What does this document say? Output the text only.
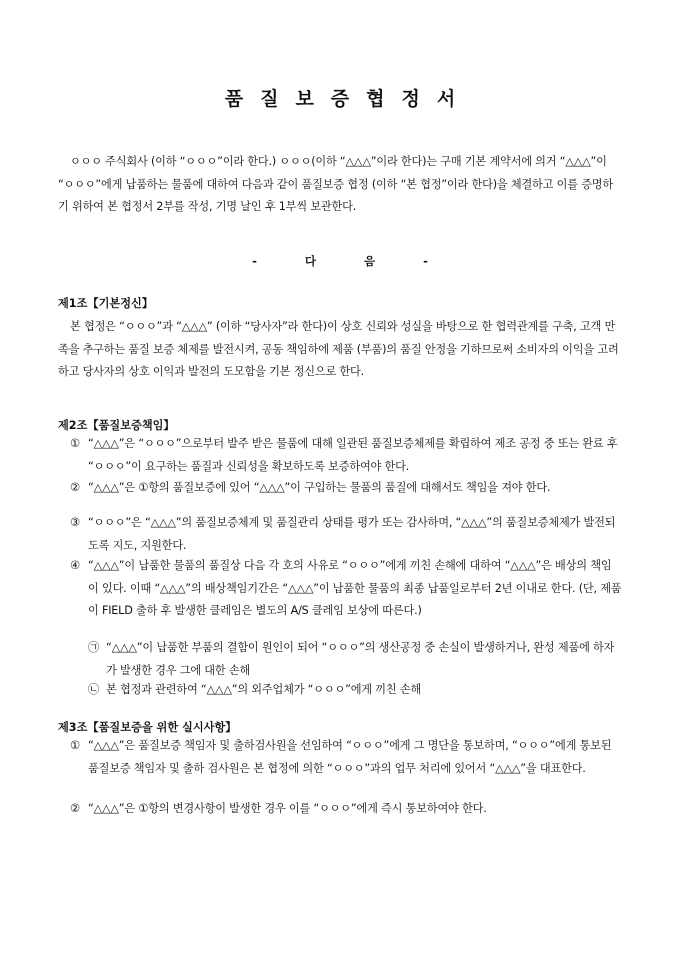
품질보증협정서
ㅇㅇㅇ 주식회사 (이하 “ㅇㅇㅇ”이라 한다.) ㅇㅇㅇ(이하 “△△△”이라 한다)는 구매 기본 계약서에 의거 “△△△”이 “ㅇㅇㅇ”에게 납품하는 물품에 대하여 다음과 같이 품질보증 협정 (이하 “본 협정”이라 한다)을 체결하고 이를 증명하기 위하여 본 협정서 2부를 작성, 기명 날인 후 1부씩 보관한다.
- 다 음 -
제1조【기본정신】
본 협정은 “ㅇㅇㅇ”과 “△△△” (이하 “당사자”라 한다)이 상호 신뢰와 성실을 바탕으로 한 협력관계를 구축, 고객 만족을 추구하는 품질 보증 체제를 발전시켜, 공동 책임하에 제품 (부품)의 품질 안정을 기하므로써 소비자의 이익을 고려하고 당사자의 상호 이익과 발전의 도모함을 기본 정신으로 한다.
제2조【품질보증책임】
① “△△△”은 “ㅇㅇㅇ”으로부터 발주 받은 물품에 대해 일관된 품질보증체제를 확립하여 제조 공정 중 또는 완료 후 “ㅇㅇㅇ”이 요구하는 품질과 신뢰성을 확보하도록 보증하여야 한다.
② “△△△”은 ①항의 품질보증에 있어 “△△△”이 구입하는 물품의 품질에 대해서도 책임을 져야 한다.
③ “ㅇㅇㅇ”은 “△△△”의 품질보증체계 및 품질관리 상태를 평가 또는 감사하며, “△△△”의 품질보증체제가 발전되도록 지도, 지원한다.
④ “△△△”이 납품한 물품의 품질상 다음 각 호의 사유로 “ㅇㅇㅇ”에게 끼친 손해에 대하여 “△△△”은 배상의 책임이 있다. 이때 “△△△”의 배상책임기간은 “△△△”이 납품한 물품의 최종 납품일로부터 2년 이내로 한다. (단, 제품이 FIELD 출하 후 발생한 클레임은 별도의 A/S 클레임 보상에 따른다.)
㉠ “△△△”이 납품한 부품의 결함이 원인이 되어 “ㅇㅇㅇ”의 생산공정 중 손실이 발생하거나, 완성 제품에 하자가 발생한 경우 그에 대한 손해
㉡ 본 협정과 관련하여 “△△△”의 외주업체가 “ㅇㅇㅇ”에게 끼친 손해
제3조【품질보증을 위한 실시사항】
① “△△△”은 품질보증 책임자 및 출하검사원을 선임하여 “ㅇㅇㅇ”에게 그 명단을 통보하며, “ㅇㅇㅇ”에게 통보된 품질보증 책임자 및 출하 검사원은 본 협정에 의한 “ㅇㅇㅇ”과의 업무 처리에 있어서 “△△△”을 대표한다.
② “△△△”은 ①항의 변경사항이 발생한 경우 이를 “ㅇㅇㅇ”에게 즉시 통보하여야 한다.
